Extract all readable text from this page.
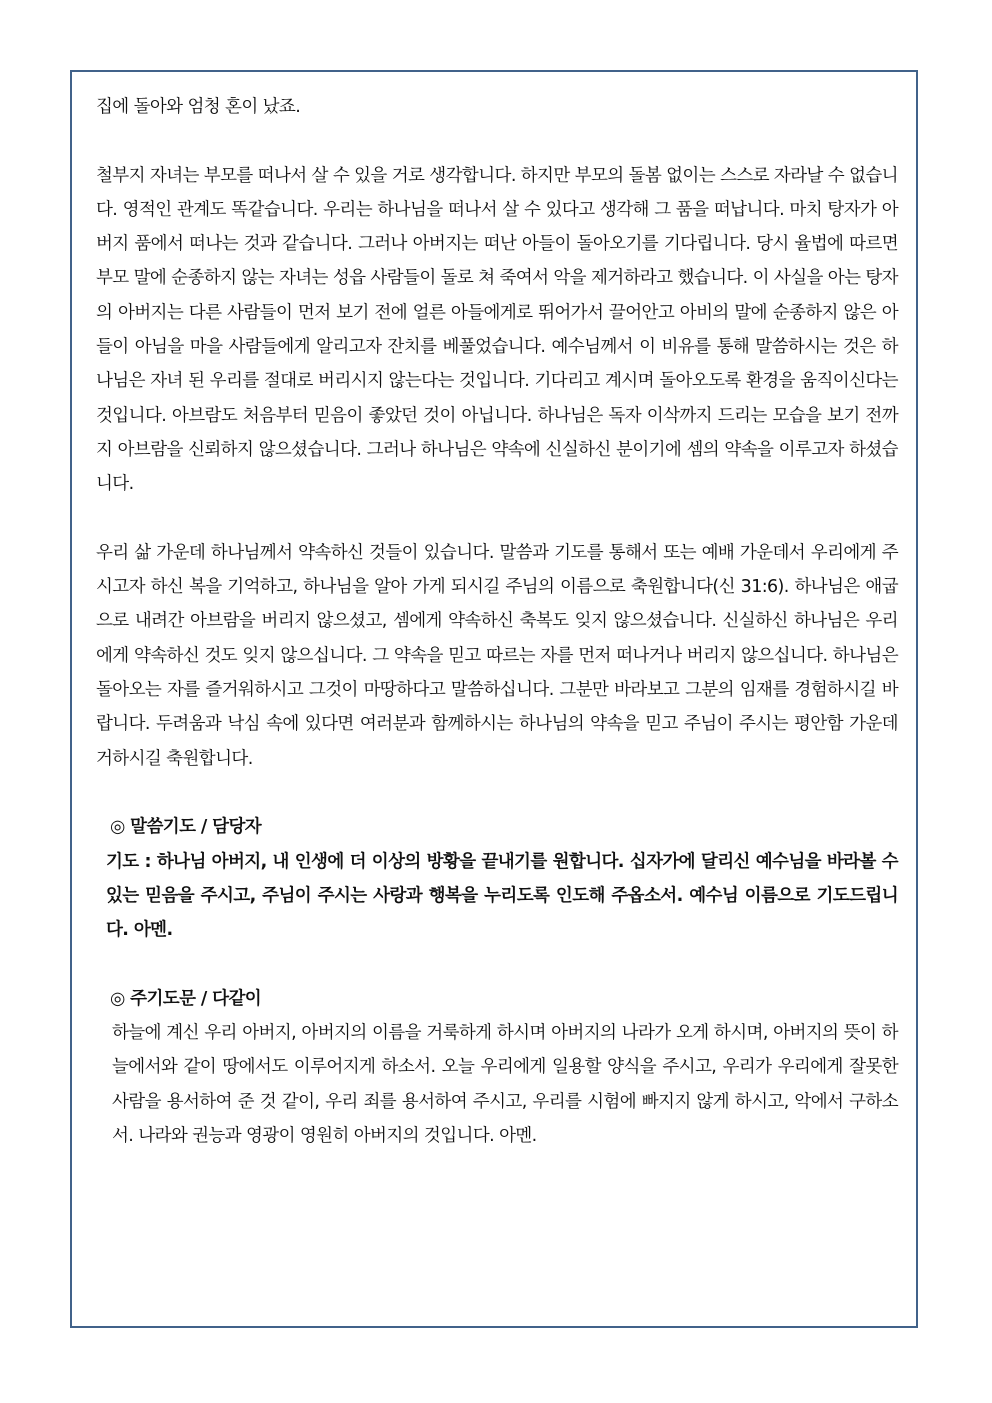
집에 돌아와 엄청 혼이 났죠.

철부지 자녀는 부모를 떠나서 살 수 있을 거로 생각합니다. 하지만 부모의 돌봄 없이는 스스로 자라날 수 없습니다. 영적인 관계도 똑같습니다. 우리는 하나님을 떠나서 살 수 있다고 생각해 그 품을 떠납니다. 마치 탕자가 아버지 품에서 떠나는 것과 같습니다. 그러나 아버지는 떠난 아들이 돌아오기를 기다립니다. 당시 율법에 따르면 부모 말에 순종하지 않는 자녀는 성읍 사람들이 돌로 쳐 죽여서 악을 제거하라고 했습니다. 이 사실을 아는 탕자의 아버지는 다른 사람들이 먼저 보기 전에 얼른 아들에게로 뛰어가서 끌어안고 아비의 말에 순종하지 않은 아들이 아님을 마을 사람들에게 알리고자 잔치를 베풀었습니다. 예수님께서 이 비유를 통해 말씀하시는 것은 하나님은 자녀 된 우리를 절대로 버리시지 않는다는 것입니다. 기다리고 계시며 돌아오도록 환경을 움직이신다는 것입니다. 아브람도 처음부터 믿음이 좋았던 것이 아닙니다. 하나님은 독자 이삭까지 드리는 모습을 보기 전까지 아브람을 신뢰하지 않으셨습니다. 그러나 하나님은 약속에 신실하신 분이기에 셈의 약속을 이루고자 하셨습니다.

우리 삶 가운데 하나님께서 약속하신 것들이 있습니다. 말씀과 기도를 통해서 또는 예배 가운데서 우리에게 주시고자 하신 복을 기억하고, 하나님을 알아 가게 되시길 주님의 이름으로 축원합니다(신 31:6). 하나님은 애굽으로 내려간 아브람을 버리지 않으셨고, 셈에게 약속하신 축복도 잊지 않으셨습니다. 신실하신 하나님은 우리에게 약속하신 것도 잊지 않으십니다. 그 약속을 믿고 따르는 자를 먼저 떠나거나 버리지 않으십니다. 하나님은 돌아오는 자를 즐거워하시고 그것이 마땅하다고 말씀하십니다. 그분만 바라보고 그분의 임재를 경험하시길 바랍니다. 두려움과 낙심 속에 있다면 여러분과 함께하시는 하나님의 약속을 믿고 주님이 주시는 평안함 가운데 거하시길 축원합니다.

◎ 말씀기도 / 담당자

기도 : 하나님 아버지, 내 인생에 더 이상의 방황을 끝내기를 원합니다. 십자가에 달리신 예수님을 바라볼 수 있는 믿음을 주시고, 주님이 주시는 사랑과 행복을 누리도록 인도해 주옵소서. 예수님 이름으로 기도드립니다. 아멘.

◎ 주기도문 / 다같이

하늘에 계신 우리 아버지, 아버지의 이름을 거룩하게 하시며 아버지의 나라가 오게 하시며, 아버지의 뜻이 하늘에서와 같이 땅에서도 이루어지게 하소서. 오늘 우리에게 일용할 양식을 주시고, 우리가 우리에게 잘못한 사람을 용서하여 준 것 같이, 우리 죄를 용서하여 주시고, 우리를 시험에 빠지지 않게 하시고, 악에서 구하소서. 나라와 권능과 영광이 영원히 아버지의 것입니다. 아멘.
